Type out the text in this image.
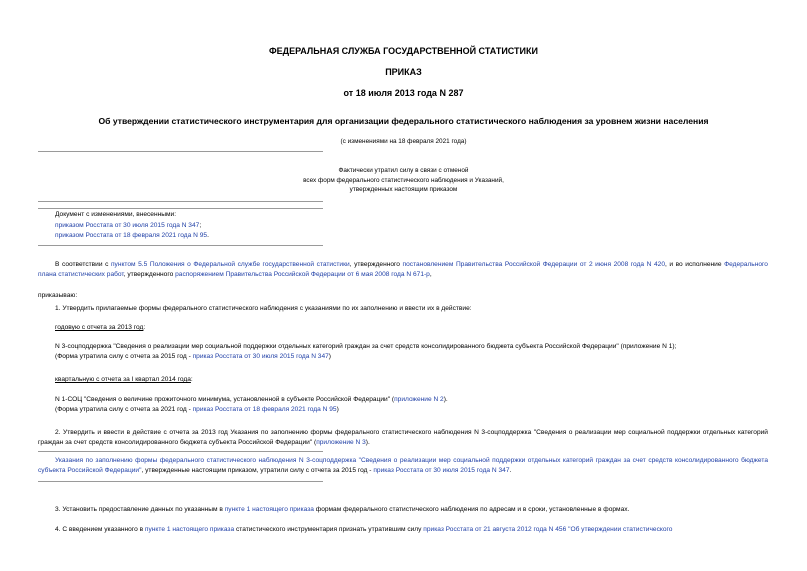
ФЕДЕРАЛЬНАЯ СЛУЖБА ГОСУДАРСТВЕННОЙ СТАТИСТИКИ
ПРИКАЗ
от 18 июля 2013 года N 287
Об утверждении статистического инструментария для организации федерального статистического наблюдения за уровнем жизни населения
(с изменениями на 18 февраля 2021 года)
Фактически утратил силу в связи с отменой
всех форм федерального статистического наблюдения и Указаний,
утвержденных настоящим приказом
Документ с изменениями, внесенными:
приказом Росстата от 30 июля 2015 года N 347;
приказом Росстата от 18 февраля 2021 года N 95.
В соответствии с пунктом 5.5 Положения о Федеральной службе государственной статистики, утвержденного постановлением Правительства Российской Федерации от 2 июня 2008 года N 420, и во исполнение Федерального плана статистических работ, утвержденного распоряжением Правительства Российской Федерации от 6 мая 2008 года N 671-р,
приказываю:
1. Утвердить прилагаемые формы федерального статистического наблюдения с указаниями по их заполнению и ввести их в действие:
годовую с отчета за 2013 год:
N 3-соцподдержка "Сведения о реализации мер социальной поддержки отдельных категорий граждан за счет средств консолидированного бюджета субъекта Российской Федерации" (приложение N 1);
(Форма утратила силу с отчета за 2015 год - приказ Росстата от 30 июля 2015 года N 347)
квартальную с отчета за I квартал 2014 года:
N 1-СОЦ "Сведения о величине прожиточного минимума, установленной в субъекте Российской Федерации" (приложение N 2).
(Форма утратила силу с отчета за 2021 год - приказ Росстата от 18 февраля 2021 года N 95)
2. Утвердить и ввести в действие с отчета за 2013 год Указания по заполнению формы федерального статистического наблюдения N 3-соцподдержка "Сведения о реализации мер социальной поддержки отдельных категорий граждан за счет средств консолидированного бюджета субъекта Российской Федерации" (приложение N 3).
Указания по заполнению формы федерального статистического наблюдения N 3-соцподдержка "Сведения о реализации мер социальной поддержки отдельных категорий граждан за счет средств консолидированного бюджета субъекта Российской Федерации", утвержденные настоящим приказом, утратили силу с отчета за 2015 год - приказ Росстата от 30 июля 2015 года N 347.
3. Установить предоставление данных по указанным в пункте 1 настоящего приказа формам федерального статистического наблюдения по адресам и в сроки, установленные в формах.
4. С введением указанного в пункте 1 настоящего приказа статистического инструментария признать утратившим силу приказ Росстата от 21 августа 2012 года N 456 "Об утверждении статистического
